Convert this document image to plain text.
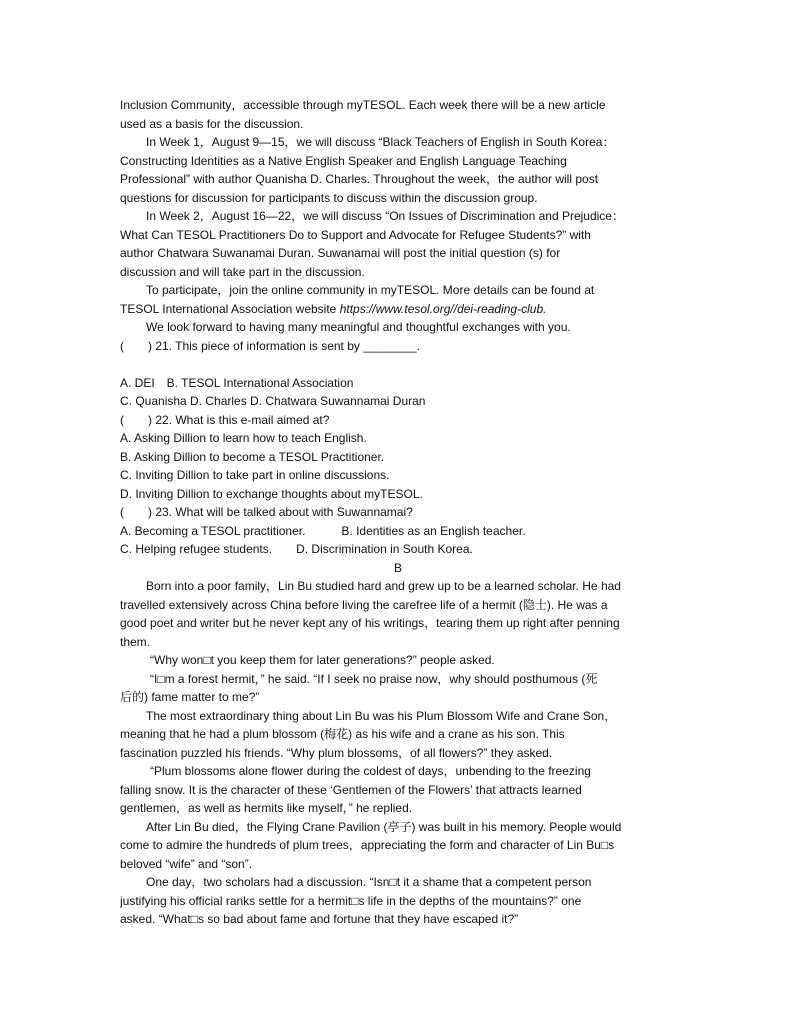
Inclusion Community，accessible through myTESOL. Each week there will be a new article
used as a basis for the discussion.
In Week 1，August 9—15，we will discuss “Black Teachers of English in South Korea：
Constructing Identities as a Native English Speaker and English Language Teaching
Professional” with author Quanisha D. Charles. Throughout the week，the author will post
questions for discussion for participants to discuss within the discussion group.
In Week 2，August 16—22，we will discuss “On Issues of Discrimination and Prejudice：
What Can TESOL Practitioners Do to Support and Advocate for Refugee Students?” with
author Chatwara Suwanamai Duran. Suwanamai will post the initial question (s) for
discussion and will take part in the discussion.
To participate，join the online community in myTESOL. More details can be found at
TESOL International Association website https://www.tesol.org//dei-reading-club.
We look forward to having many meaningful and thoughtful exchanges with you.
(　　) 21. This piece of information is sent by ________.
A. DEI　B. TESOL International Association
C. Quanisha D. Charles D. Chatwara Suwannamai Duran
(　　) 22. What is this e-mail aimed at?
A. Asking Dillion to learn how to teach English.
B. Asking Dillion to become a TESOL Practitioner.
C. Inviting Dillion to take part in online discussions.
D. Inviting Dillion to exchange thoughts about myTESOL.
(　　) 23. What will be talked about with Suwannamai?
A. Becoming a TESOL practitioner.　　　B. Identities as an English teacher.
C. Helping refugee students.　　D. Discrimination in South Korea.
B
Born into a poor family，Lin Bu studied hard and grew up to be a learned scholar. He had
travelled extensively across China before living the carefree life of a hermit (隐士). He was a
good poet and writer but he never kept any of his writings，tearing them up right after penning
them.
“Why won□t you keep them for later generations?” people asked.
“I□m a forest hermit，” he said. “If I seek no praise now，why should posthumous (死
后的) fame matter to me?”
The most extraordinary thing about Lin Bu was his Plum Blossom Wife and Crane Son，
meaning that he had a plum blossom (梅花) as his wife and a crane as his son. This
fascination puzzled his friends. “Why plum blossoms，of all flowers?” they asked.
“Plum blossoms alone flower during the coldest of days，unbending to the freezing
falling snow. It is the character of these ‘Gentlemen of the Flowers’ that attracts learned
gentlemen，as well as hermits like myself，” he replied.
After Lin Bu died，the Flying Crane Pavilion (亭子) was built in his memory. People would
come to admire the hundreds of plum trees，appreciating the form and character of Lin Bu□s
beloved “wife” and “son”.
One day，two scholars had a discussion. “Isn□t it a shame that a competent person
justifying his official ranks settle for a hermit□s life in the depths of the mountains?” one
asked. “What□s so bad about fame and fortune that they have escaped it?”
